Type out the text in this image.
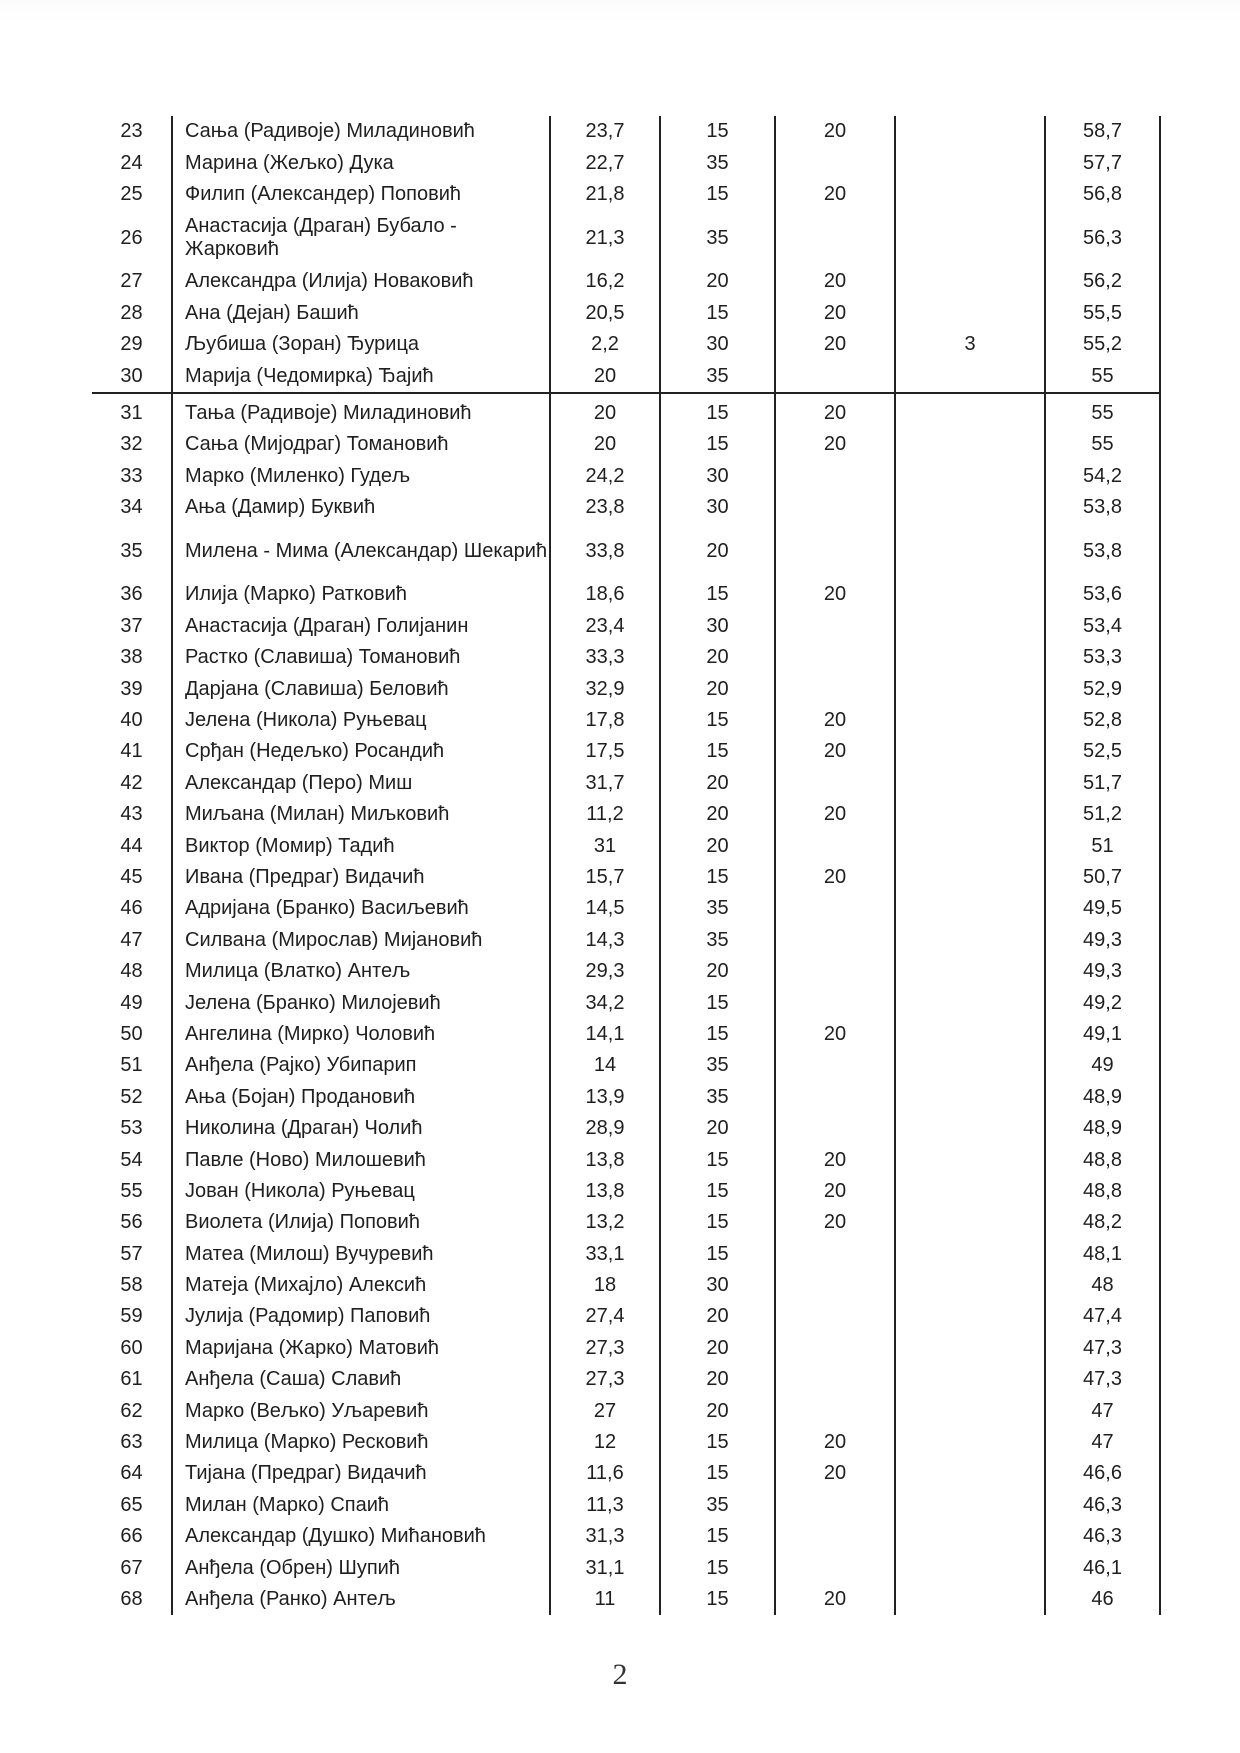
23	Сања (Радивоје) Миладиновић	23,7	15	20		58,7
24	Марина (Жељко) Дука	22,7	35			57,7
25	Филип (Александер) Поповић	21,8	15	20		56,8
26	Анастасија (Драган) Бубало - Жарковић	21,3	35			56,3
27	Александра (Илија) Новаковић	16,2	20	20		56,2
28	Ана (Дејан) Башић	20,5	15	20		55,5
29	Љубиша (Зоран) Ђурица	2,2	30	20	3	55,2
30	Марија (Чедомирка) Ђајић	20	35			55
31	Тања (Радивоје) Миладиновић	20	15	20		55
32	Сања (Мијодраг) Томановић	20	15	20		55
33	Марко (Миленко) Гудељ	24,2	30			54,2
34	Ања (Дамир) Буквић	23,8	30			53,8
35	Милена - Мима (Александар) Шекарић	33,8	20			53,8
36	Илија (Марко) Ратковић	18,6	15	20		53,6
37	Анастасија (Драган) Голијанин	23,4	30			53,4
38	Растко (Славиша) Томановић	33,3	20			53,3
39	Дарјана (Славиша) Беловић	32,9	20			52,9
40	Јелена (Никола) Руњевац	17,8	15	20		52,8
41	Срђан (Недељко) Росандић	17,5	15	20		52,5
42	Александар (Перо) Миш	31,7	20			51,7
43	Миљана (Милан) Миљковић	11,2	20	20		51,2
44	Виктор (Момир) Тадић	31	20			51
45	Ивана (Предраг) Видачић	15,7	15	20		50,7
46	Адријана (Бранко) Васиљевић	14,5	35			49,5
47	Силвана (Мирослав) Мијановић	14,3	35			49,3
48	Милица (Влатко) Антељ	29,3	20			49,3
49	Јелена (Бранко) Милојевић	34,2	15			49,2
50	Ангелина (Мирко) Чоловић	14,1	15	20		49,1
51	Анђела (Рајко) Убипарип	14	35			49
52	Ања (Бојан) Продановић	13,9	35			48,9
53	Николина (Драган) Чолић	28,9	20			48,9
54	Павле (Ново) Милошевић	13,8	15	20		48,8
55	Јован (Никола) Руњевац	13,8	15	20		48,8
56	Виолета (Илија) Поповић	13,2	15	20		48,2
57	Матеа (Милош) Вучуревић	33,1	15			48,1
58	Матеја (Михајло) Алексић	18	30			48
59	Јулија (Радомир) Паповић	27,4	20			47,4
60	Маријана (Жарко) Матовић	27,3	20			47,3
61	Анђела (Саша) Славић	27,3	20			47,3
62	Марко (Вељко) Уљаревић	27	20			47
63	Милица (Марко) Ресковић	12	15	20		47
64	Тијана (Предраг) Видачић	11,6	15	20		46,6
65	Милан (Марко) Спаић	11,3	35			46,3
66	Александар (Душко) Мићановић	31,3	15			46,3
67	Анђела (Обрен) Шупић	31,1	15			46,1
68	Анђела (Ранко) Антељ	11	15	20		46
2
